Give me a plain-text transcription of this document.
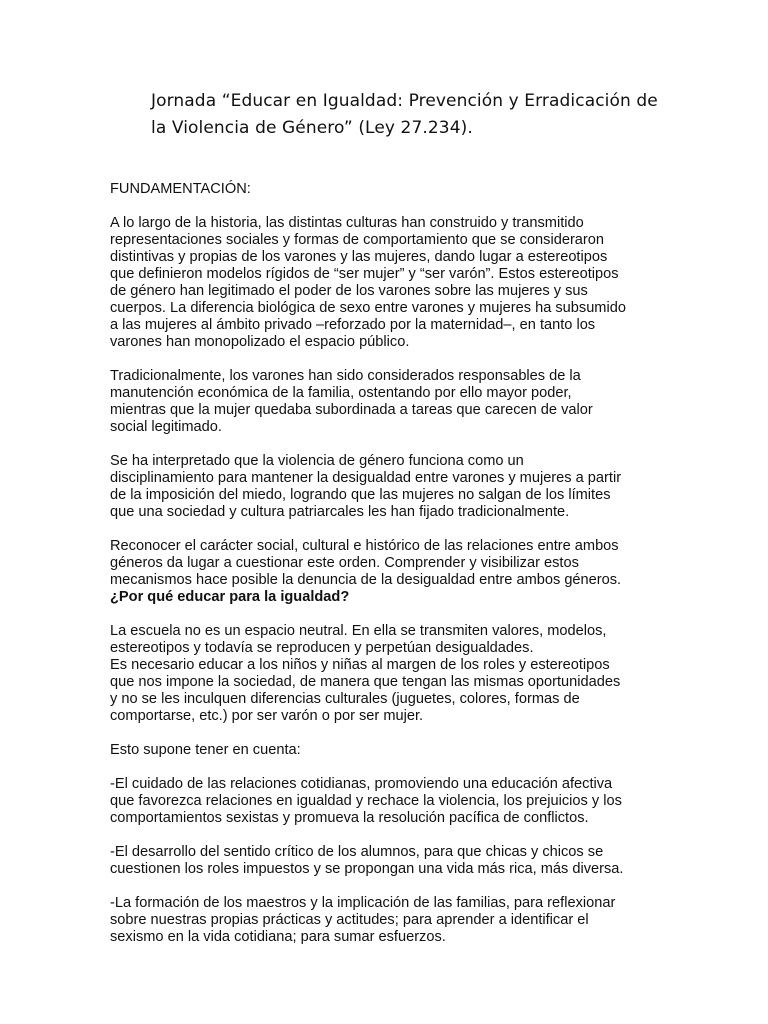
Jornada “Educar en Igualdad: Prevención y Erradicación de
la Violencia de Género” (Ley 27.234).

FUNDAMENTACIÓN:

A lo largo de la historia, las distintas culturas han construido y transmitido
representaciones sociales y formas de comportamiento que se consideraron
distintivas y propias de los varones y las mujeres, dando lugar a estereotipos
que definieron modelos rígidos de “ser mujer” y “ser varón”. Estos estereotipos
de género han legitimado el poder de los varones sobre las mujeres y sus
cuerpos. La diferencia biológica de sexo entre varones y mujeres ha subsumido
a las mujeres al ámbito privado –reforzado por la maternidad–, en tanto los
varones han monopolizado el espacio público.

Tradicionalmente, los varones han sido considerados responsables de la
manutención económica de la familia, ostentando por ello mayor poder,
mientras que la mujer quedaba subordinada a tareas que carecen de valor
social legitimado.

Se ha interpretado que la violencia de género funciona como un
disciplinamiento para mantener la desigualdad entre varones y mujeres a partir
de la imposición del miedo, logrando que las mujeres no salgan de los límites
que una sociedad y cultura patriarcales les han fijado tradicionalmente.

Reconocer el carácter social, cultural e histórico de las relaciones entre ambos
géneros da lugar a cuestionar este orden. Comprender y visibilizar estos
mecanismos hace posible la denuncia de la desigualdad entre ambos géneros.
¿Por qué educar para la igualdad?

La escuela no es un espacio neutral. En ella se transmiten valores, modelos,
estereotipos y todavía se reproducen y perpetúan desigualdades.
Es necesario educar a los niños y niñas al margen de los roles y estereotipos
que nos impone la sociedad, de manera que tengan las mismas oportunidades
y no se les inculquen diferencias culturales (juguetes, colores, formas de
comportarse, etc.) por ser varón o por ser mujer.

Esto supone tener en cuenta:

-El cuidado de las relaciones cotidianas, promoviendo una educación afectiva
que favorezca relaciones en igualdad y rechace la violencia, los prejuicios y los
comportamientos sexistas y promueva la resolución pacífica de conflictos.

-El desarrollo del sentido crítico de los alumnos, para que chicas y chicos se
cuestionen los roles impuestos y se propongan una vida más rica, más diversa.

-La formación de los maestros y la implicación de las familias, para reflexionar
sobre nuestras propias prácticas y actitudes; para aprender a identificar el
sexismo en la vida cotidiana; para sumar esfuerzos.
